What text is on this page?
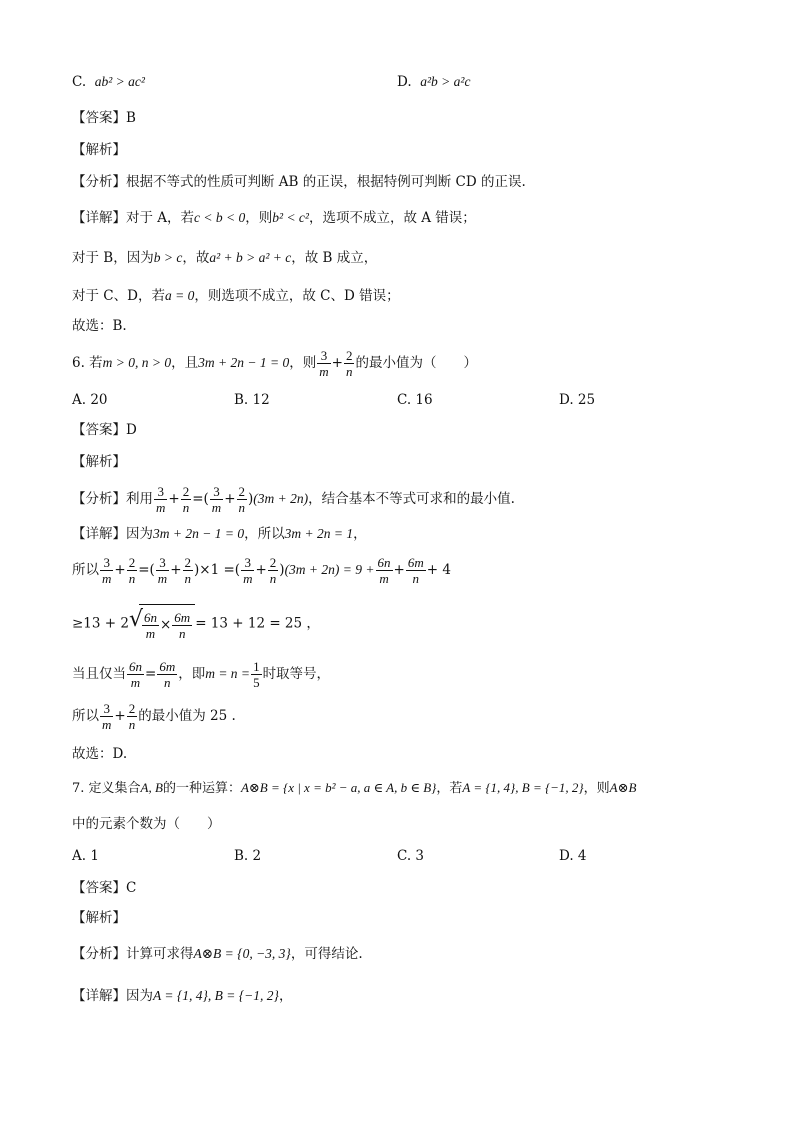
C. ab² > ac²	D. a²b > a²c
【答案】B
【解析】
【分析】根据不等式的性质可判断 AB 的正误，根据特例可判断 CD 的正误.
【详解】对于 A，若c < b < 0，则b² < c²，选项不成立，故 A 错误；
对于 B，因为b > c，故a² + b > a² + c，故 B 成立，
对于 C、D，若a = 0，则选项不成立，故 C、D 错误；
故选：B.
6. 若m > 0, n > 0，且3m + 2n − 1 = 0，则 $\frac{3}{m} + \frac{2}{n}$ 的最小值为（　　）
A. 20	B. 12	C. 16	D. 25
【答案】D
【解析】
【分析】利用 $\frac{3}{m} + \frac{2}{n}$ =( $\frac{3}{m} + \frac{2}{n} )(3m + 2n)$，结合基本不等式可求和的最小值.
【详解】因为3m + 2n − 1 = 0，所以3m + 2n = 1，
所以 $\frac{3}{m} + \frac{2}{n}$ =( $\frac{3}{m} + \frac{2}{n} )\times 1$ =( $\frac{3}{m} + \frac{2}{n} )(3m + 2n) = 9 + \frac{6n}{m} + \frac{6m}{n} + 4$
≥13 + 2 √
$\frac{6n}{m} \times \frac{6m}{n} = 13 + 12 = 25$ ，
当且仅当 $\frac{6n}{m} = \frac{6m}{n}$ ，即$m = n = \frac{1}{5}$ 时取等号，
所以 $\frac{3}{m} + \frac{2}{n}$ 的最小值为 25 .
故选：D.
7. 定义集合A, B的一种运算：A⊗B = {x | x = b² − a, a ∈ A, b ∈ B}，若A = {1, 4}, B = {−1, 2}，则A⊗B
中的元素个数为（　　）
A. 1	B. 2	C. 3	D. 4
【答案】C
【解析】
【分析】计算可求得A⊗B = {0, −3, 3}，可得结论.
【详解】因为A = {1, 4}, B = {−1, 2}，
